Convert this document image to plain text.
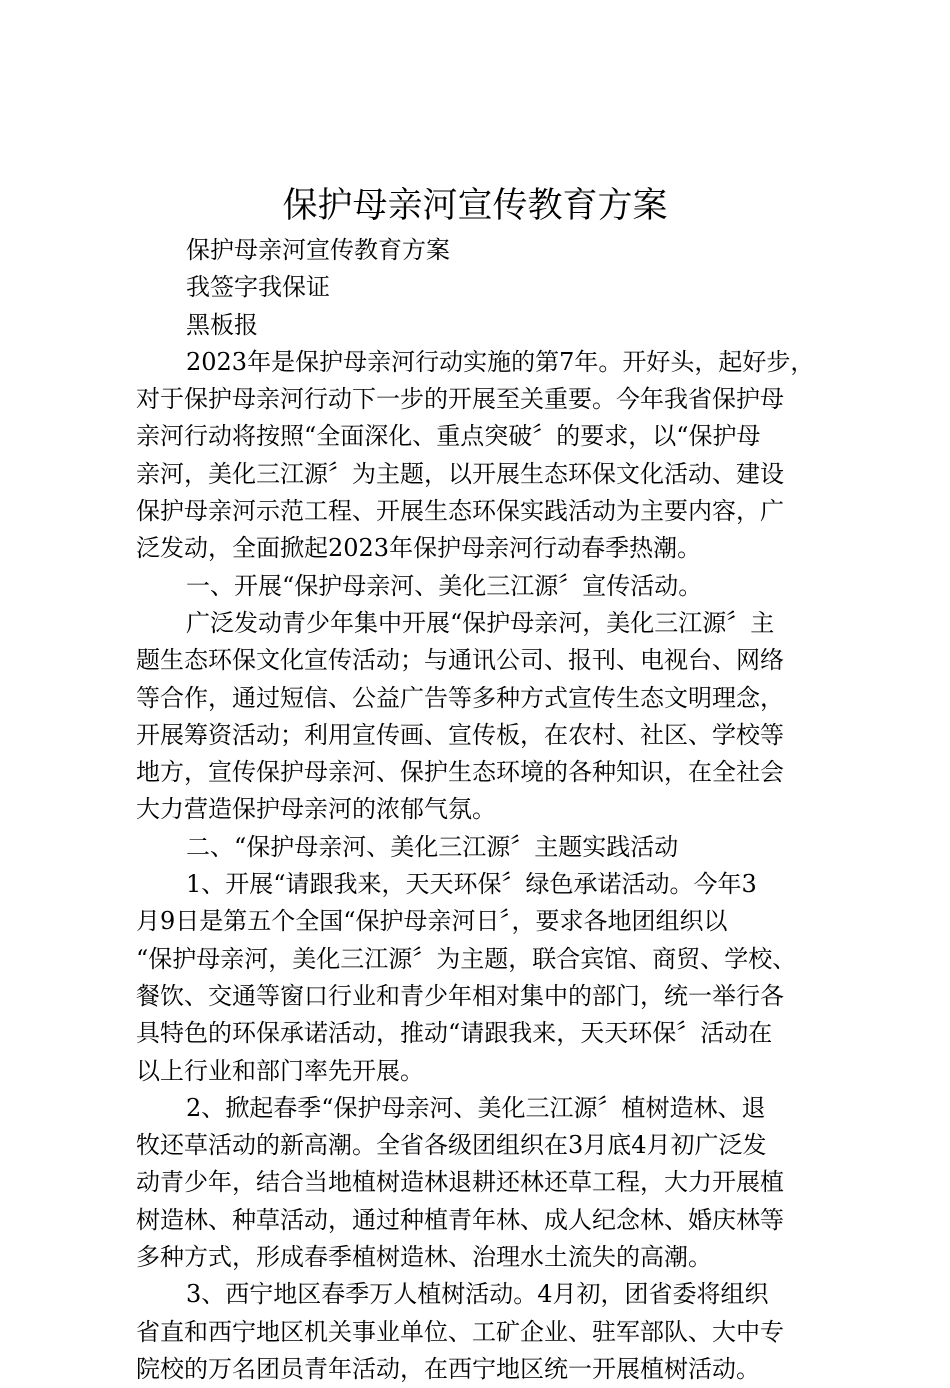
保护母亲河宣传教育方案
保护母亲河宣传教育方案
我签字我保证
黑板报
2023年是保护母亲河行动实施的第7年。开好头，起好步，
对于保护母亲河行动下一步的开展至关重要。今年我省保护母
亲河行动将按照“全面深化、重点突破〞的要求，以“保护母
亲河，美化三江源〞为主题，以开展生态环保文化活动、建设
保护母亲河示范工程、开展生态环保实践活动为主要内容，广
泛发动，全面掀起2023年保护母亲河行动春季热潮。
一、开展“保护母亲河、美化三江源〞宣传活动。
广泛发动青少年集中开展“保护母亲河，美化三江源〞主
题生态环保文化宣传活动；与通讯公司、报刊、电视台、网络
等合作，通过短信、公益广告等多种方式宣传生态文明理念，
开展筹资活动；利用宣传画、宣传板，在农村、社区、学校等
地方，宣传保护母亲河、保护生态环境的各种知识，在全社会
大力营造保护母亲河的浓郁气氛。
二、“保护母亲河、美化三江源〞主题实践活动
1、开展“请跟我来，天天环保〞绿色承诺活动。今年3
月9日是第五个全国“保护母亲河日〞，要求各地团组织以
“保护母亲河，美化三江源〞为主题，联合宾馆、商贸、学校、
餐饮、交通等窗口行业和青少年相对集中的部门，统一举行各
具特色的环保承诺活动，推动“请跟我来，天天环保〞活动在
以上行业和部门率先开展。
2、掀起春季“保护母亲河、美化三江源〞植树造林、退
牧还草活动的新高潮。全省各级团组织在3月底4月初广泛发
动青少年，结合当地植树造林退耕还林还草工程，大力开展植
树造林、种草活动，通过种植青年林、成人纪念林、婚庆林等
多种方式，形成春季植树造林、治理水土流失的高潮。
3、西宁地区春季万人植树活动。4月初，团省委将组织
省直和西宁地区机关事业单位、工矿企业、驻军部队、大中专
院校的万名团员青年活动，在西宁地区统一开展植树活动。
